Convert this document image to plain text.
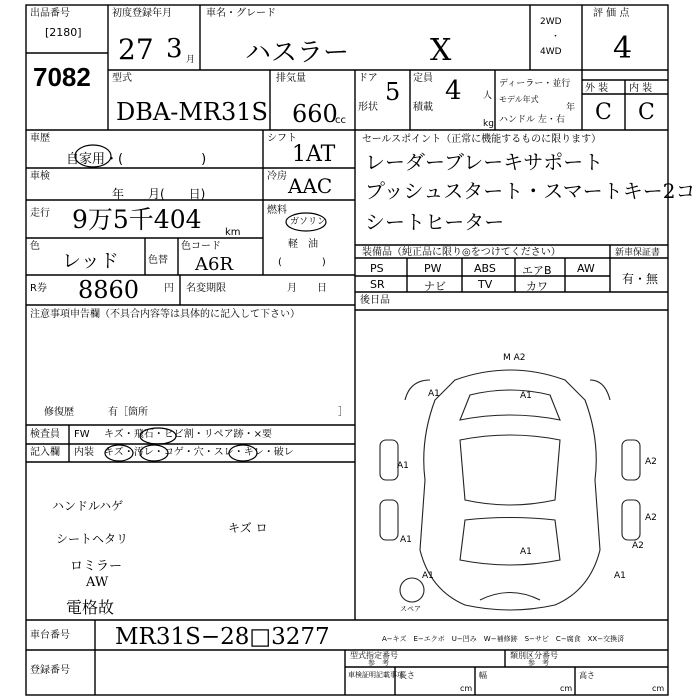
出品番号
[2180]
7082
初度登録年月
27 3 月
車名・グレード
ハスラー	X
2WD
・
4WD
評 価 点
4
型式
DBA-MR31S
排気量
660
cc
ドア 5
形状
定員 4 人
積載
kg
ディーラー・並行
モデル年式
年
ハンドル 左・右
外 装 内 装
C C
車歴
自家用・(　　　　　　)
シフト
1AT
車検
年　　月(　　日)
冷房 AAC
走行 9万5千404 km
燃料
ガソリン
軽　油
(　　　　)
色
レッド	色替
色コード
A6R
R券 8860 円 名変期限	月　　日
セールスポイント（正常に機能するものに限ります）
レーダーブレーキサポート
プッシュスタート・スマートキー2コ
シートヒーター
装備品（純正品に限り◎をつけてください）	新車保証書
有・無
PS	PW	ABS エアB AW
SR	ナビ	TV	カワ
後日品
注意事項申告欄（不具合内容等は具体的に記入して下さい）
修復歴	有［箇所	］
検査員 FW キズ・飛石・ヒビ割・リペア跡・×要
記入欄 内装 キズ・汚レ・コゲ・穴・スレ・キレ・破レ
ハンドルハゲ
シートヘタリ
ロミラー
AW
電格故
キズ ロ
M A2
A1	A1
A2
A1
A2
A2
A1	A1
A1
A1
スペア
A−キズ　E−エクボ　U−凹み　W−補修跡　S−サビ　C−腐食　XX−交換済
車台番号 MR31S−28□3277
登録番号
型式指定番号
参　考
類別区分番号
参　考
車検証明記載事項
長さ
cm
幅
cm
高さ
cm
